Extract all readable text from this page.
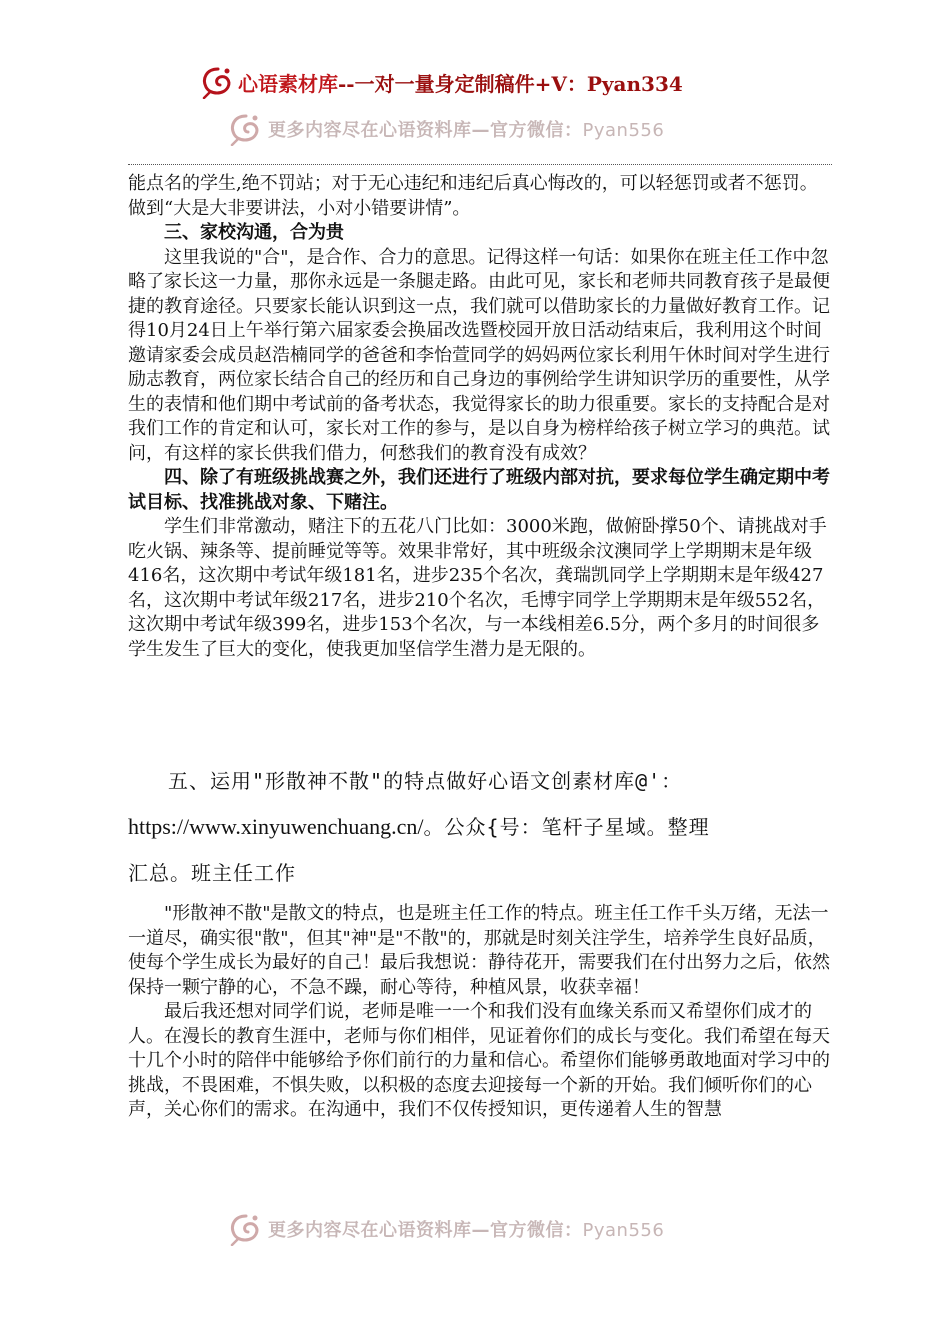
心语素材库--一对一量身定制稿件+V：Pyan334
更多内容尽在心语资料库—官方微信：Pyan556

能点名的学生,绝不罚站；对于无心违纪和违纪后真心悔改的，可以轻惩罚或者不惩罚。做到“大是大非要讲法，小对小错要讲情”。

三、家校沟通，合为贵

这里我说的"合"，是合作、合力的意思。记得这样一句话：如果你在班主任工作中忽略了家长这一力量，那你永远是一条腿走路。由此可见，家长和老师共同教育孩子是最便捷的教育途径。只要家长能认识到这一点，我们就可以借助家长的力量做好教育工作。记得10月24日上午举行第六届家委会换届改选暨校园开放日活动结束后，我利用这个时间邀请家委会成员赵浩楠同学的爸爸和李怡萱同学的妈妈两位家长利用午休时间对学生进行励志教育，两位家长结合自己的经历和自己身边的事例给学生讲知识学历的重要性，从学生的表情和他们期中考试前的备考状态，我觉得家长的助力很重要。家长的支持配合是对我们工作的肯定和认可，家长对工作的参与，是以自身为榜样给孩子树立学习的典范。试问，有这样的家长供我们借力，何愁我们的教育没有成效？

四、除了有班级挑战赛之外，我们还进行了班级内部对抗，要求每位学生确定期中考试目标、找准挑战对象、下赌注。

学生们非常激动，赌注下的五花八门比如：3000米跑，做俯卧撑50个、请挑战对手吃火锅、辣条等、提前睡觉等等。效果非常好，其中班级余汶澳同学上学期期末是年级416名，这次期中考试年级181名，进步235个名次，龚瑞凯同学上学期期末是年级427名，这次期中考试年级217名，进步210个名次，毛博宇同学上学期期末是年级552名，这次期中考试年级399名，进步153个名次，与一本线相差6.5分，两个多月的时间很多学生发生了巨大的变化，使我更加坚信学生潜力是无限的。

五、运用"形散神不散"的特点做好心语文创素材库@'：
https://www.xinyuwenchuang.cn/。公众{号：笔杆子星域。整理
汇总。班主任工作

"形散神不散"是散文的特点，也是班主任工作的特点。班主任工作千头万绪，无法一一道尽，确实很"散"，但其"神"是"不散"的，那就是时刻关注学生，培养学生良好品质，使每个学生成长为最好的自己！最后我想说：静待花开，需要我们在付出努力之后，依然保持一颗宁静的心，不急不躁，耐心等待，种植风景，收获幸福！

最后我还想对同学们说，老师是唯一一个和我们没有血缘关系而又希望你们成才的人。在漫长的教育生涯中，老师与你们相伴，见证着你们的成长与变化。我们希望在每天十几个小时的陪伴中能够给予你们前行的力量和信心。希望你们能够勇敢地面对学习中的挑战，不畏困难，不惧失败，以积极的态度去迎接每一个新的开始。我们倾听你们的心声，关心你们的需求。在沟通中，我们不仅传授知识，更传递着人生的智慧

更多内容尽在心语资料库—官方微信：Pyan556
